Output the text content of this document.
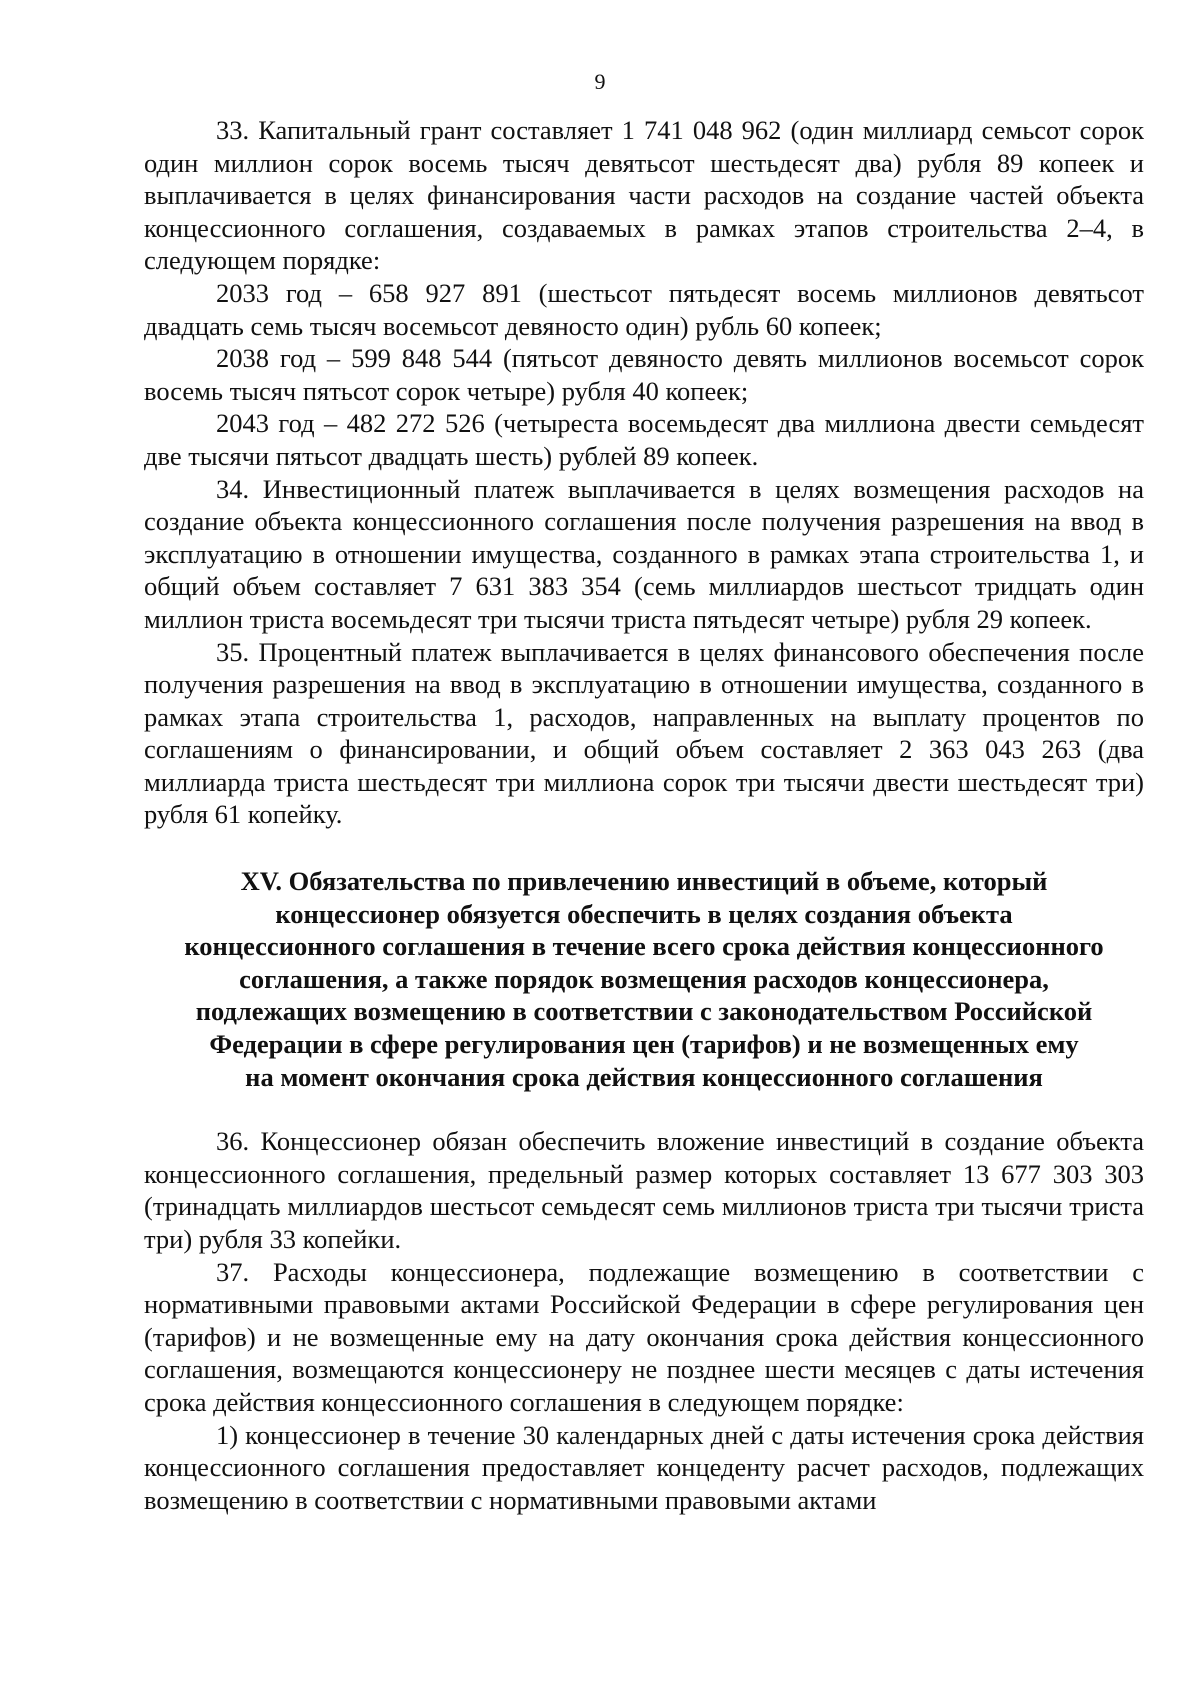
9

33. Капитальный грант составляет 1 741 048 962 (один миллиард семьсот сорок один миллион сорок восемь тысяч девятьсот шестьдесят два) рубля 89 копеек и выплачивается в целях финансирования части расходов на создание частей объекта концессионного соглашения, создаваемых в рамках этапов строительства 2–4, в следующем порядке:

2033 год – 658 927 891 (шестьсот пятьдесят восемь миллионов девятьсот двадцать семь тысяч восемьсот девяносто один) рубль 60 копеек;

2038 год – 599 848 544 (пятьсот девяносто девять миллионов восемьсот сорок восемь тысяч пятьсот сорок четыре) рубля 40 копеек;

2043 год – 482 272 526 (четыреста восемьдесят два миллиона двести семьдесят две тысячи пятьсот двадцать шесть) рублей 89 копеек.

34. Инвестиционный платеж выплачивается в целях возмещения расходов на создание объекта концессионного соглашения после получения разрешения на ввод в эксплуатацию в отношении имущества, созданного в рамках этапа строительства 1, и общий объем составляет 7 631 383 354 (семь миллиардов шестьсот тридцать один миллион триста восемьдесят три тысячи триста пятьдесят четыре) рубля 29 копеек.

35. Процентный платеж выплачивается в целях финансового обеспечения после получения разрешения на ввод в эксплуатацию в отношении имущества, созданного в рамках этапа строительства 1, расходов, направленных на выплату процентов по соглашениям о финансировании, и общий объем составляет 2 363 043 263 (два миллиарда триста шестьдесят три миллиона сорок три тысячи двести шестьдесят три) рубля 61 копейку.

XV. Обязательства по привлечению инвестиций в объеме, который
концессионер обязуется обеспечить в целях создания объекта
концессионного соглашения в течение всего срока действия концессионного
соглашения, а также порядок возмещения расходов концессионера,
подлежащих возмещению в соответствии с законодательством Российской
Федерации в сфере регулирования цен (тарифов) и не возмещенных ему
на момент окончания срока действия концессионного соглашения

36. Концессионер обязан обеспечить вложение инвестиций в создание объекта концессионного соглашения, предельный размер которых составляет 13 677 303 303 (тринадцать миллиардов шестьсот семьдесят семь миллионов триста три тысячи триста три) рубля 33 копейки.

37. Расходы концессионера, подлежащие возмещению в соответствии с нормативными правовыми актами Российской Федерации в сфере регулирования цен (тарифов) и не возмещенные ему на дату окончания срока действия концессионного соглашения, возмещаются концессионеру не позднее шести месяцев с даты истечения срока действия концессионного соглашения в следующем порядке:

1) концессионер в течение 30 календарных дней с даты истечения срока действия концессионного соглашения предоставляет концеденту расчет расходов, подлежащих возмещению в соответствии с нормативными правовыми актами
